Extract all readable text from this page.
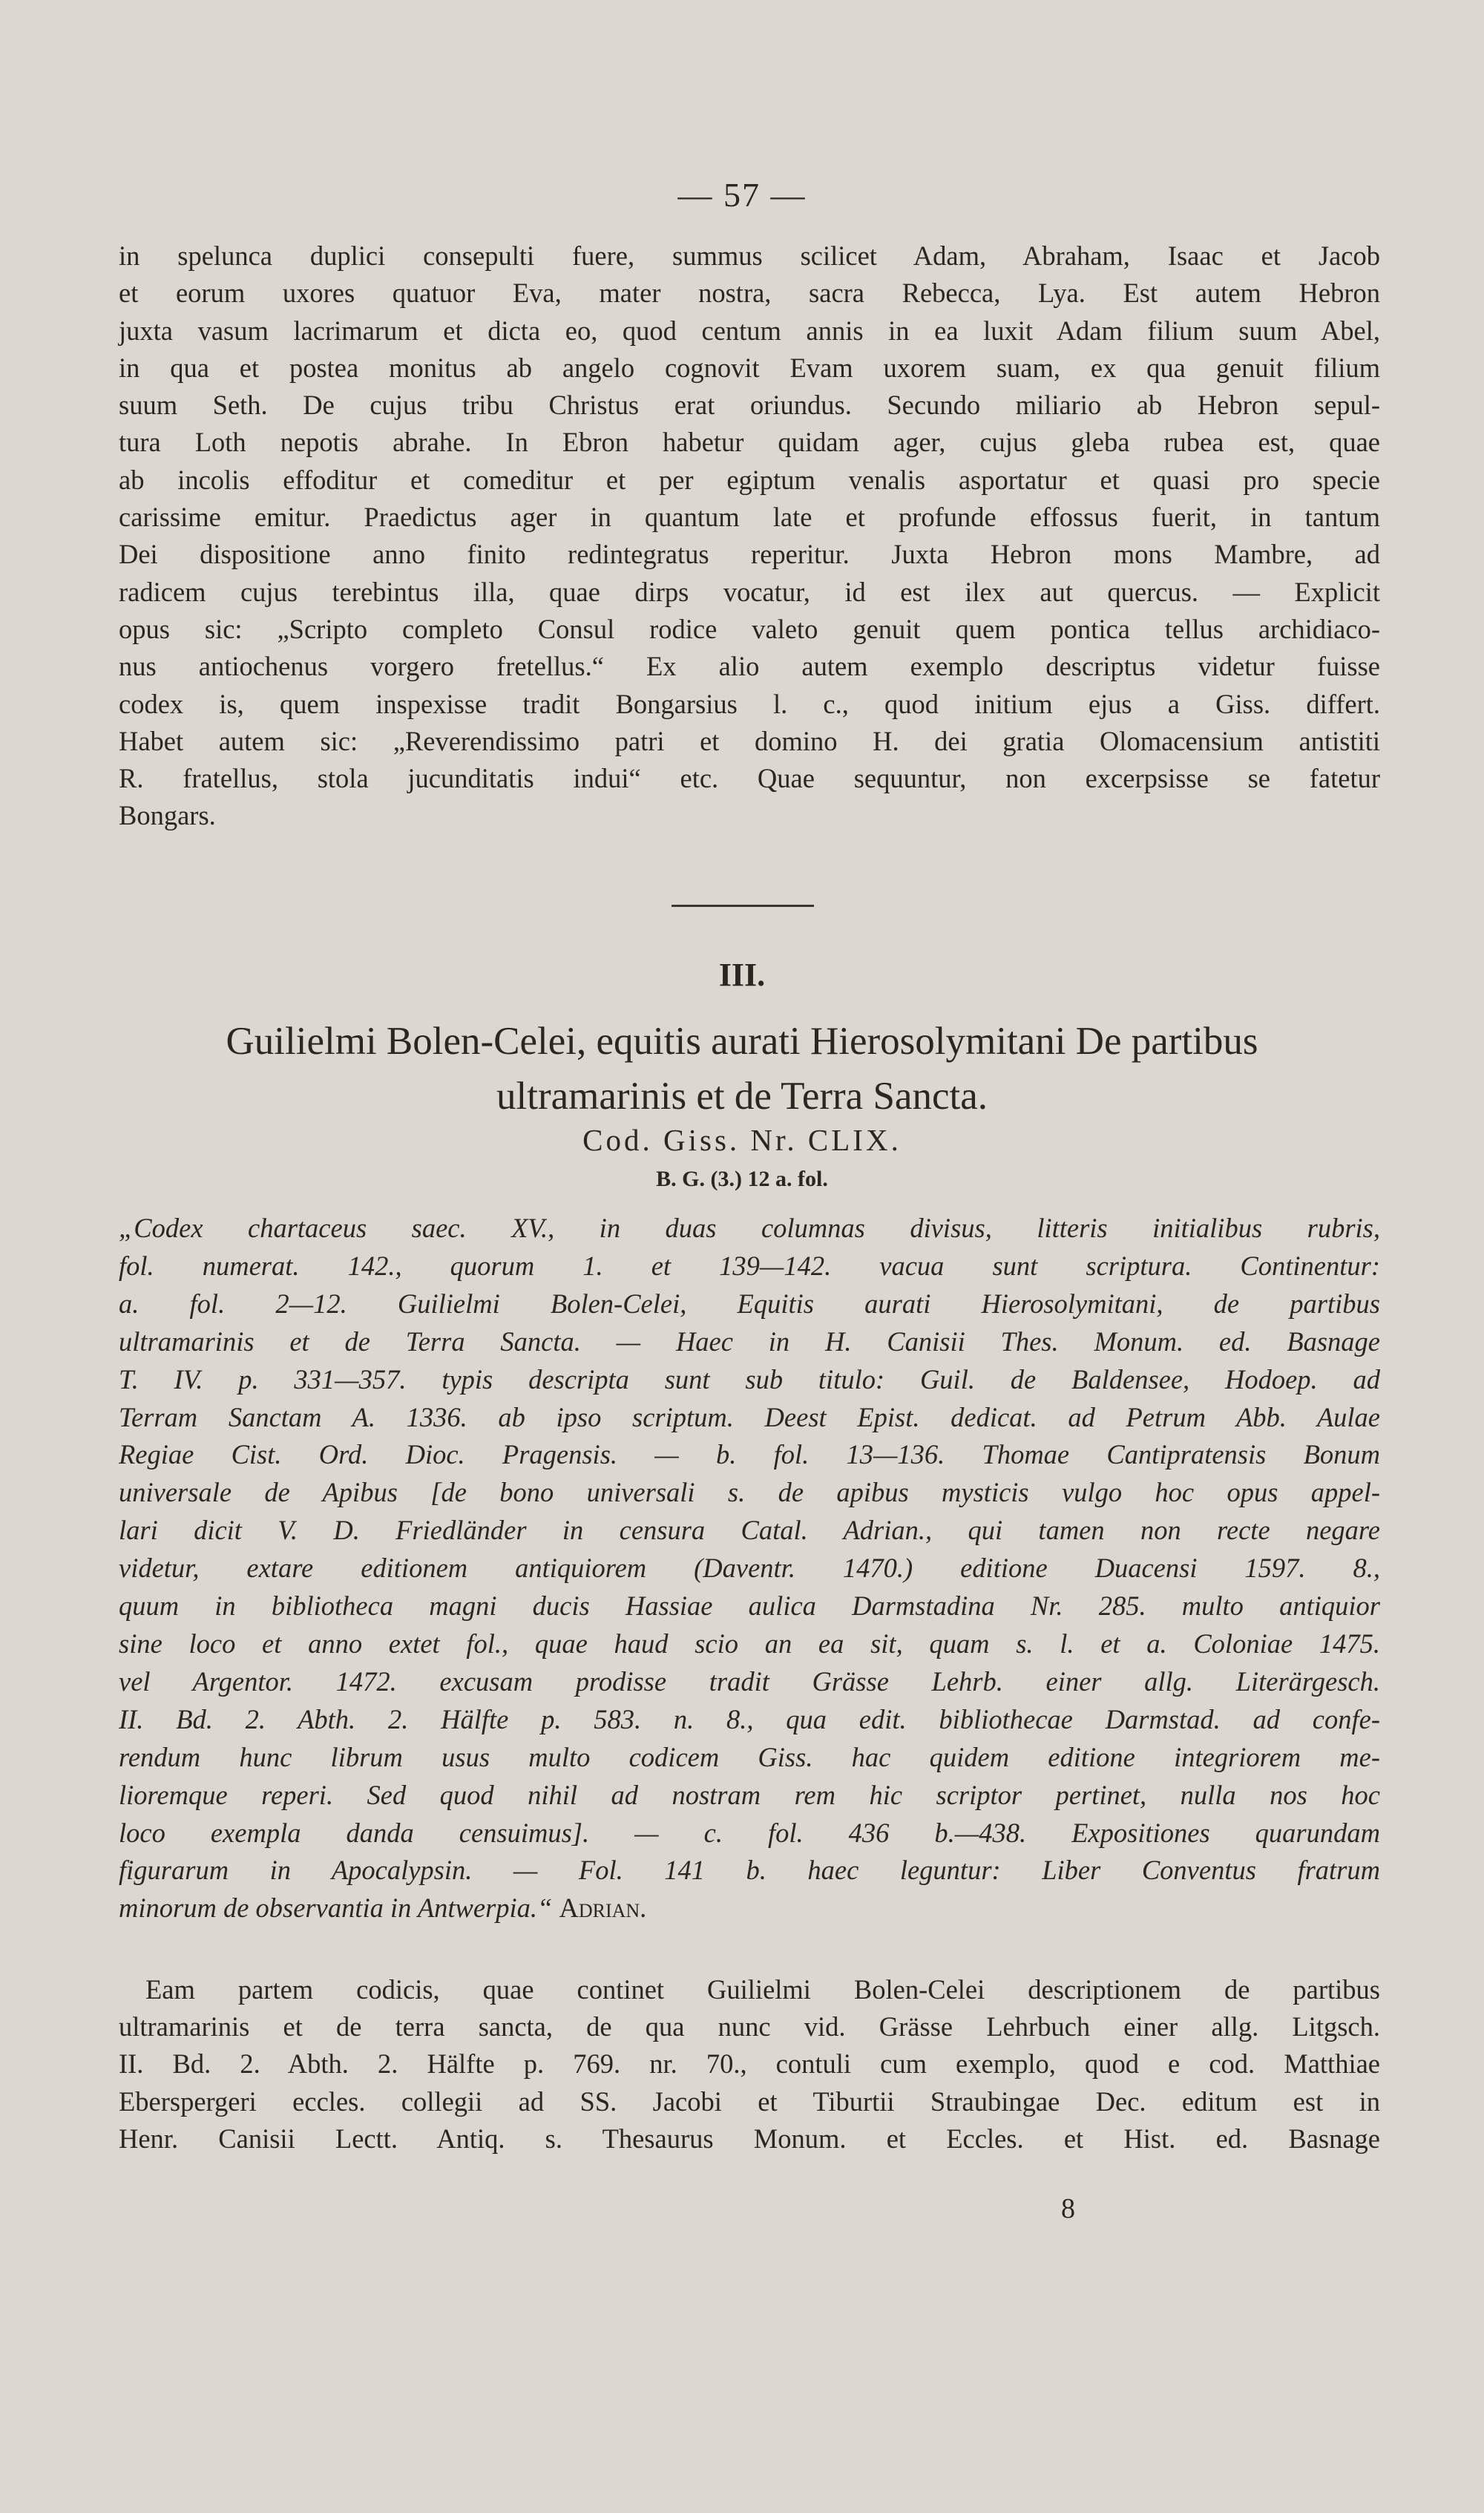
— 57 —
in spelunca duplici consepulti fuere, summus scilicet Adam, Abraham, Isaac et Jacob
et eorum uxores quatuor Eva, mater nostra, sacra Rebecca, Lya. Est autem Hebron
juxta vasum lacrimarum et dicta eo, quod centum annis in ea luxit Adam filium suum Abel,
in qua et postea monitus ab angelo cognovit Evam uxorem suam, ex qua genuit filium
suum Seth. De cujus tribu Christus erat oriundus. Secundo miliario ab Hebron sepul-
tura Loth nepotis abrahe. In Ebron habetur quidam ager, cujus gleba rubea est, quae
ab incolis effoditur et comeditur et per egiptum venalis asportatur et quasi pro specie
carissime emitur. Praedictus ager in quantum late et profunde effossus fuerit, in tantum
Dei dispositione anno finito redintegratus reperitur. Juxta Hebron mons Mambre, ad
radicem cujus terebintus illa, quae dirps vocatur, id est ilex aut quercus. — Explicit
opus sic: „Scripto completo Consul rodice valeto genuit quem pontica tellus archidiaco-
nus antiochenus vorgero fretellus.“ Ex alio autem exemplo descriptus videtur fuisse
codex is, quem inspexisse tradit Bongarsius l. c., quod initium ejus a Giss. differt.
Habet autem sic: „Reverendissimo patri et domino H. dei gratia Olomacensium antistiti
R. fratellus, stola jucunditatis indui“ etc. Quae sequuntur, non excerpsisse se fatetur
Bongars.
III.
Guilielmi Bolen-Celei, equitis aurati Hierosolymitani De partibus
ultramarinis et de Terra Sancta.
Cod. Giss. Nr. CLIX.
B. G. (3.) 12 a. fol.
„Codex chartaceus saec. XV., in duas columnas divisus, litteris initialibus rubris,
fol. numerat. 142., quorum 1. et 139—142. vacua sunt scriptura. Continentur:
a. fol. 2—12. Guilielmi Bolen-Celei, Equitis aurati Hierosolymitani, de partibus
ultramarinis et de Terra Sancta. — Haec in H. Canisii Thes. Monum. ed. Basnage
T. IV. p. 331—357. typis descripta sunt sub titulo: Guil. de Baldensee, Hodoep. ad
Terram Sanctam A. 1336. ab ipso scriptum. Deest Epist. dedicat. ad Petrum Abb. Aulae
Regiae Cist. Ord. Dioc. Pragensis. — b. fol. 13—136. Thomae Cantipratensis Bonum
universale de Apibus [de bono universali s. de apibus mysticis vulgo hoc opus appel-
lari dicit V. D. Friedländer in censura Catal. Adrian., qui tamen non recte negare
videtur, extare editionem antiquiorem (Daventr. 1470.) editione Duacensi 1597. 8.,
quum in bibliotheca magni ducis Hassiae aulica Darmstadina Nr. 285. multo antiquior
sine loco et anno extet fol., quae haud scio an ea sit, quam s. l. et a. Coloniae 1475.
vel Argentor. 1472. excusam prodisse tradit Grässe Lehrb. einer allg. Literärgesch.
II. Bd. 2. Abth. 2. Hälfte p. 583. n. 8., qua edit. bibliothecae Darmstad. ad confe-
rendum hunc librum usus multo codicem Giss. hac quidem editione integriorem me-
lioremque reperi. Sed quod nihil ad nostram rem hic scriptor pertinet, nulla nos hoc
loco exempla danda censuimus]. — c. fol. 436 b.—438. Expositiones quarundam
figurarum in Apocalypsin. — Fol. 141 b. haec leguntur: Liber Conventus fratrum
minorum de observantia in Antwerpia.“ Adrian.
Eam partem codicis, quae continet Guilielmi Bolen-Celei descriptionem de partibus
ultramarinis et de terra sancta, de qua nunc vid. Grässe Lehrbuch einer allg. Litgsch.
II. Bd. 2. Abth. 2. Hälfte p. 769. nr. 70., contuli cum exemplo, quod e cod. Matthiae
Eberspergeri eccles. collegii ad SS. Jacobi et Tiburtii Straubingae Dec. editum est in
Henr. Canisii Lectt. Antiq. s. Thesaurus Monum. et Eccles. et Hist. ed. Basnage
8
